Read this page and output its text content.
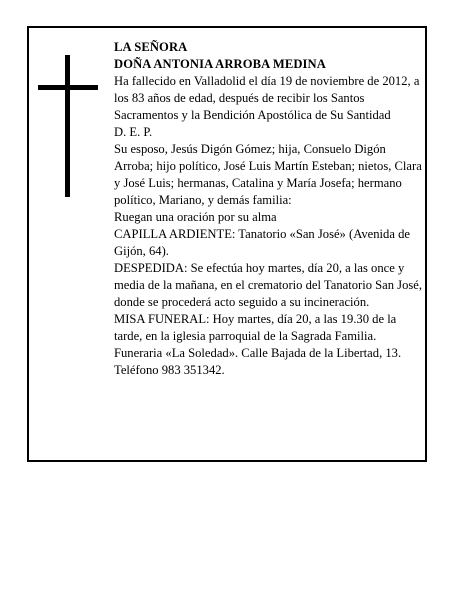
LA SEÑORA

DOÑA ANTONIA ARROBA MEDINA

Ha fallecido en Valladolid el día 19 de noviembre de 2012, a los 83 años de edad, después de recibir los Santos Sacramentos y la Bendición Apostólica de Su Santidad

D. E. P.

Su esposo, Jesús Digón Gómez; hija, Consuelo Digón Arroba; hijo político, José Luis Martín Esteban; nietos, Clara y José Luis; hermanas, Catalina y María Josefa; hermano político, Mariano, y demás familia:

Ruegan una oración por su alma

CAPILLA ARDIENTE: Tanatorio «San José» (Avenida de Gijón, 64).

DESPEDIDA: Se efectúa hoy martes, día 20, a las once y media de la mañana, en el crematorio del Tanatorio San José, donde se procederá acto seguido a su incineración.

MISA FUNERAL: Hoy martes, día 20, a las 19.30 de la tarde, en la iglesia parroquial de la Sagrada Familia.

Funeraria «La Soledad». Calle Bajada de la Libertad, 13. Teléfono 983 351342.
